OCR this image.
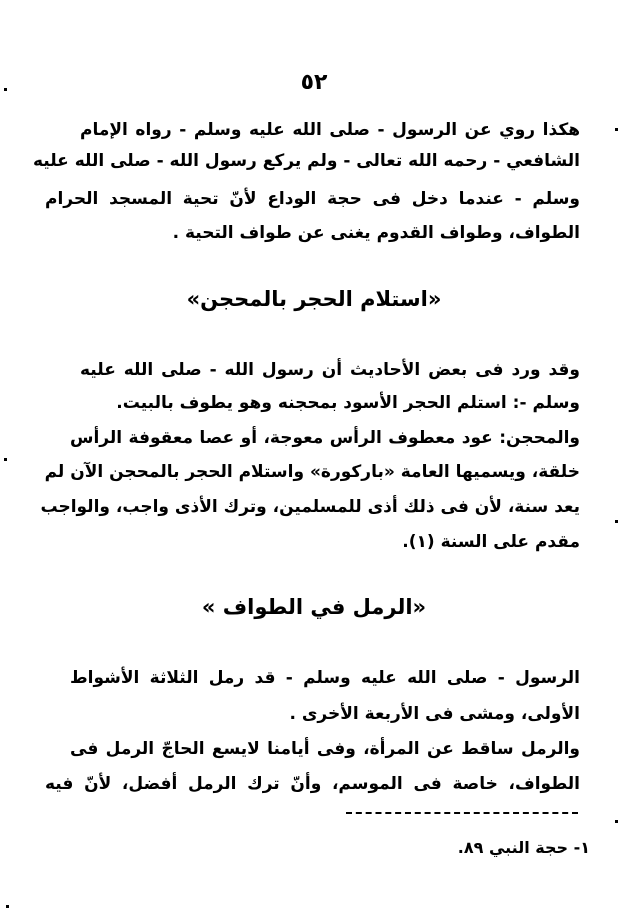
٥٢
هكذا روي عن الرسول - صلى الله عليه وسلم - رواه الإمام
الشافعي - رحمه الله تعالى - ولم يركع رسول الله - صلى الله عليه
وسلم - عندما دخل فى حجة الوداع لأنّ تحية المسجد الحرام
الطواف، وطواف القدوم يغنى عن طواف التحية .
«استلام الحجر بالمحجن»
وقد ورد فى بعض الأحاديث أن رسول الله - صلى الله عليه
وسلم -: استلم الحجر الأسود بمحجنه وهو يطوف بالبيت.
والمحجن: عود معطوف الرأس معوجة، أو عصا معقوفة الرأس
خلقة، ويسميها العامة «باركورة» واستلام الحجر بالمحجن الآن لم
يعد سنة، لأن فى ذلك أذى للمسلمين، وترك الأذى واجب، والواجب
مقدم على السنة (١).
«الرمل في الطواف »
الرسول - صلى الله عليه وسلم - قد رمل الثلاثة الأشواط
الأولى، ومشى فى الأربعة الأخرى .
والرمل ساقط عن المرأة، وفى أيامنا لايسع الحاجّ الرمل فى
الطواف، خاصة فى الموسم، وأنّ ترك الرمل أفضل، لأنّ فيه
١- حجة النبي ٨٩.
